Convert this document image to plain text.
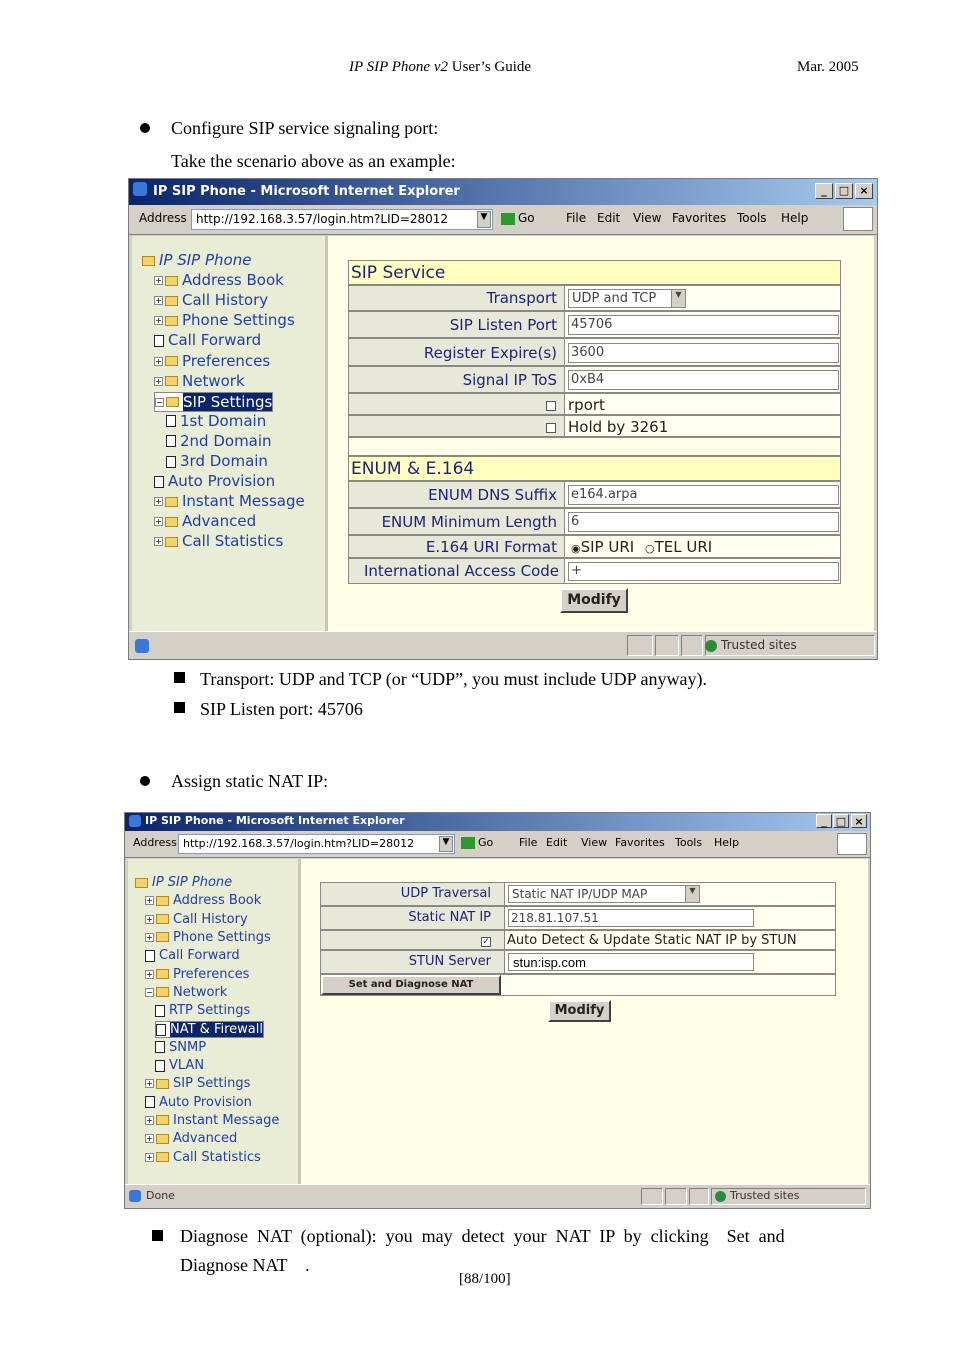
IP SIP Phone v2 User’s Guide	Mar. 2005
Configure SIP service signaling port:
Take the scenario above as an example:
IP SIP Phone - Microsoft Internet Explorer	_	□ ×
Address http://192.168.3.57/login.htm?LID=28012	▼	Go	File Edit View Favorites Tools Help
IP SIP Phone
+ Address Book
+ Call History
+ Phone Settings
Call Forward
+ Preferences
+ Network
− SIP Settings
1st Domain
2nd Domain
3rd Domain
Auto Provision
+ Instant Message
+ Advanced
+ Call Statistics
SIP Service
Transport	UDP and TCP	▼
SIP Listen Port	45706
Register Expire(s)	3600
Signal IP ToS	0xB4
rport
Hold by 3261
ENUM & E.164
ENUM DNS Suffix	e164.arpa
ENUM Minimum Length	6
E.164 URI Format	◉SIP URI ○TEL URI
International Access Code +
Modify
Trusted sites
Transport: UDP and TCP (or “UDP”, you must include UDP anyway).
SIP Listen port: 45706
Assign static NAT IP:
IP SIP Phone - Microsoft Internet Explorer	_ □ ×
Address http://192.168.3.57/login.htm?LID=28012	▼	Go File Edit View Favorites Tools Help
IP SIP Phone
+ Address Book
+ Call History
+ Phone Settings
Call Forward
+ Preferences
− Network
RTP Settings
NAT & Firewall
SNMP
VLAN
+ SIP Settings
Auto Provision
+ Instant Message
+ Advanced
+ Call Statistics
UDP Traversal	Static NAT IP/UDP MAP	▼
Static NAT IP	218.81.107.51
✓	Auto Detect & Update Static NAT IP by STUN
STUN Server	stun:isp.com
Set and Diagnose NAT
Modify
Done	Trusted sites
Diagnose  NAT  (optional):  you  may  detect  your  NAT  IP  by  clicking    Set  and
Diagnose NAT    .
[88/100]
